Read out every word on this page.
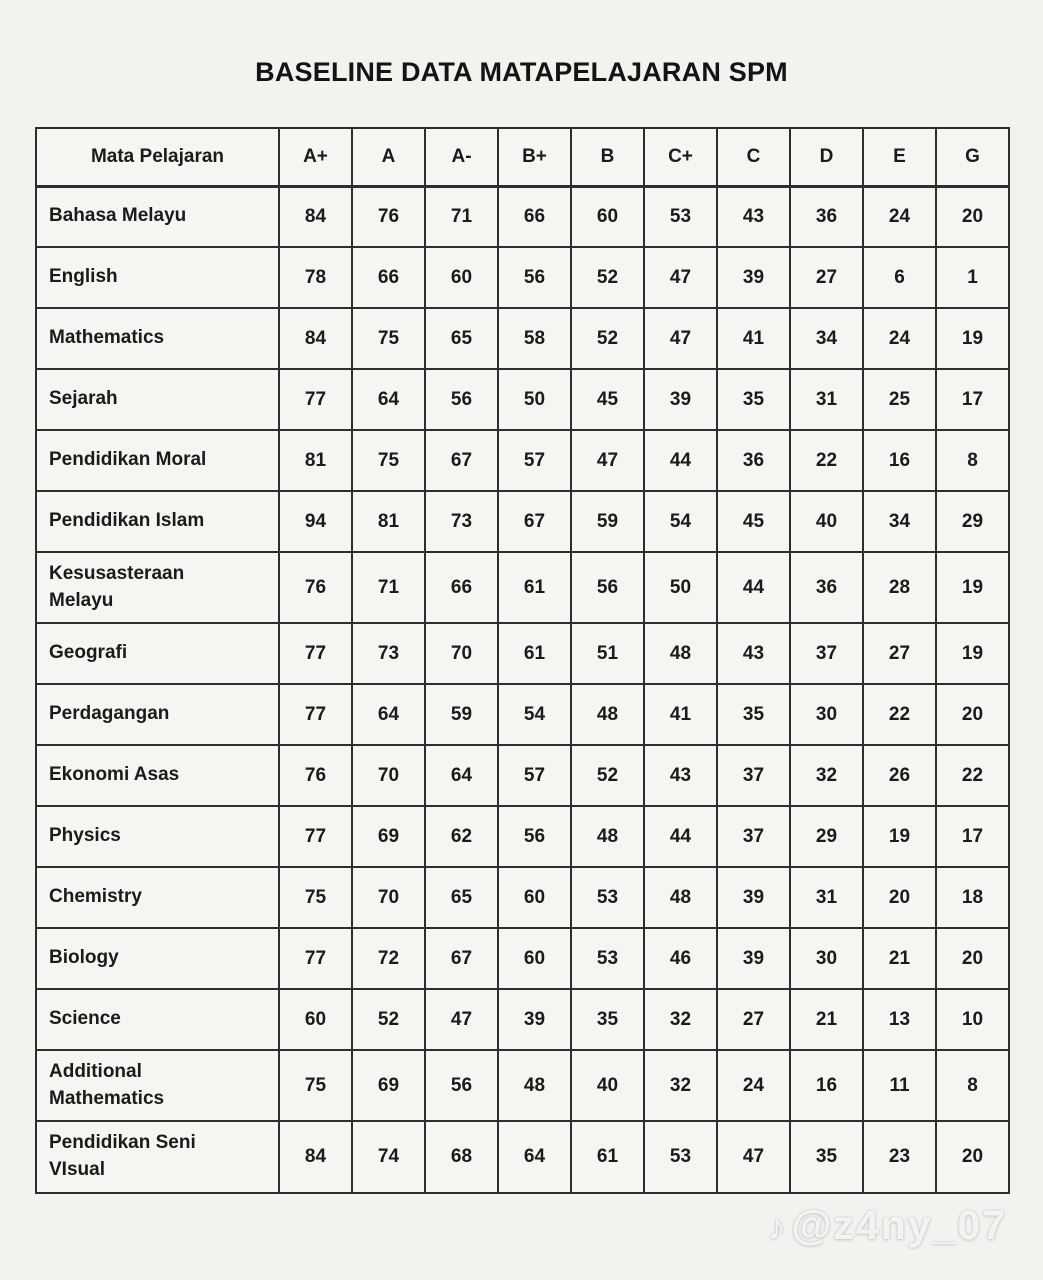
BASELINE DATA MATAPELAJARAN SPM
Mata Pelajaran	A+	A	A-	B+	B	C+	C	D	E	G
Bahasa Melayu	84	76	71	66	60	53	43	36	24	20
English	78	66	60	56	52	47	39	27	6	1
Mathematics	84	75	65	58	52	47	41	34	24	19
Sejarah	77	64	56	50	45	39	35	31	25	17
Pendidikan Moral	81	75	67	57	47	44	36	22	16	8
Pendidikan Islam	94	81	73	67	59	54	45	40	34	29
Kesusasteraan Melayu	76	71	66	61	56	50	44	36	28	19
Geografi	77	73	70	61	51	48	43	37	27	19
Perdagangan	77	64	59	54	48	41	35	30	22	20
Ekonomi Asas	76	70	64	57	52	43	37	32	26	22
Physics	77	69	62	56	48	44	37	29	19	17
Chemistry	75	70	65	60	53	48	39	31	20	18
Biology	77	72	67	60	53	46	39	30	21	20
Science	60	52	47	39	35	32	27	21	13	10
Additional Mathematics	75	69	56	48	40	32	24	16	11	8
Pendidikan Seni VIsual	84	74	68	64	61	53	47	35	23	20
♪@z4ny_07
